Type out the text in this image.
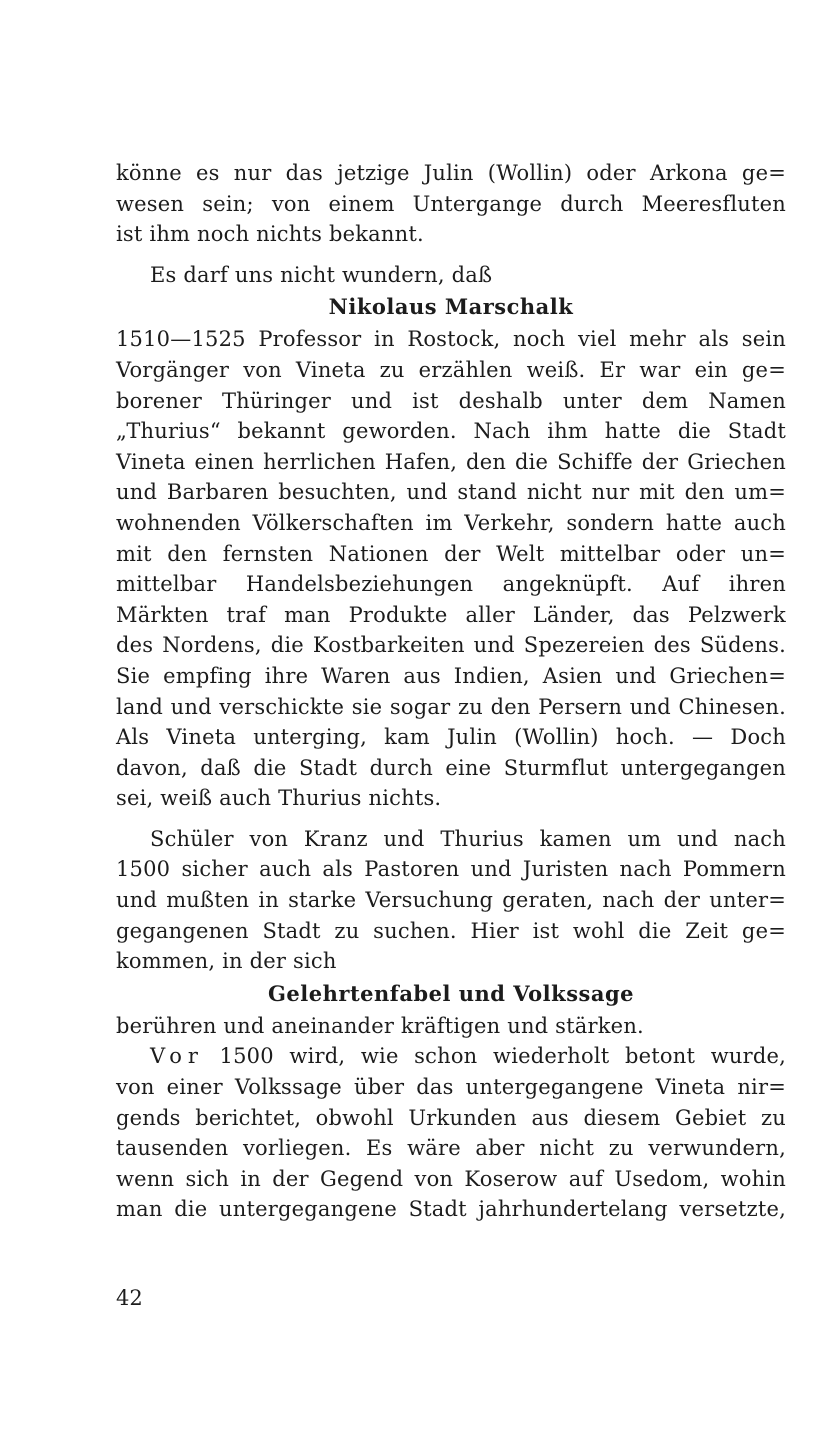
könne es nur das jetzige Julin (Wollin) oder Arkona ge=
wesen sein; von einem Untergange durch Meeresfluten
ist ihm noch nichts bekannt.
Es darf uns nicht wundern, daß
Nikolaus Marschalk
1510—1525 Professor in Rostock, noch viel mehr als sein
Vorgänger von Vineta zu erzählen weiß. Er war ein ge=
borener Thüringer und ist deshalb unter dem Namen
„Thurius“ bekannt geworden. Nach ihm hatte die Stadt
Vineta einen herrlichen Hafen, den die Schiffe der Griechen
und Barbaren besuchten, und stand nicht nur mit den um=
wohnenden Völkerschaften im Verkehr, sondern hatte auch
mit den fernsten Nationen der Welt mittelbar oder un=
mittelbar Handelsbeziehungen angeknüpft. Auf ihren
Märkten traf man Produkte aller Länder, das Pelzwerk
des Nordens, die Kostbarkeiten und Spezereien des Südens.
Sie empfing ihre Waren aus Indien, Asien und Griechen=
land und verschickte sie sogar zu den Persern und Chinesen.
Als Vineta unterging, kam Julin (Wollin) hoch. — Doch
davon, daß die Stadt durch eine Sturmflut untergegangen
sei, weiß auch Thurius nichts.
Schüler von Kranz und Thurius kamen um und nach
1500 sicher auch als Pastoren und Juristen nach Pommern
und mußten in starke Versuchung geraten, nach der unter=
gegangenen Stadt zu suchen. Hier ist wohl die Zeit ge=
kommen, in der sich
Gelehrtenfabel und Volkssage
berühren und aneinander kräftigen und stärken.
Vor 1500 wird, wie schon wiederholt betont wurde,
von einer Volkssage über das untergegangene Vineta nir=
gends berichtet, obwohl Urkunden aus diesem Gebiet zu
tausenden vorliegen. Es wäre aber nicht zu verwundern,
wenn sich in der Gegend von Koserow auf Usedom, wohin
man die untergegangene Stadt jahrhundertelang versetzte,
42
